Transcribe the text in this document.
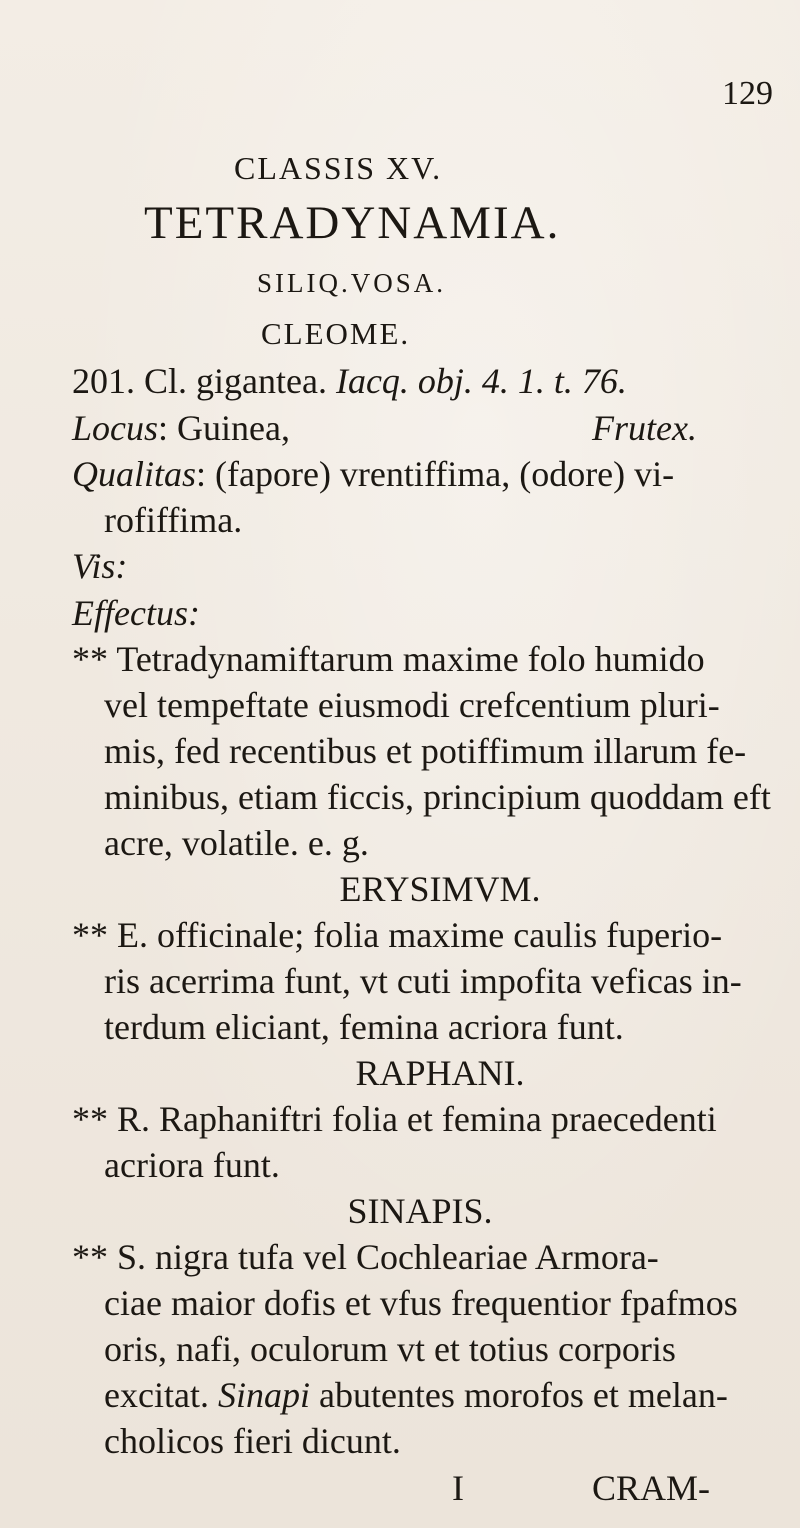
129
CLASSIS XV.
TETRADYNAMIA.
SILIQ.VOSA.
CLEOME.
201. Cl. gigantea. Iacq. obj. 4. 1. t. 76.
Locus: Guinea,	Frutex.
Qualitas: (fapore) vrentiffima, (odore) vi-
rofiffima.
Vis:
Effectus:
** Tetradynamiftarum maxime folo humido
vel tempeftate eiusmodi crefcentium pluri-
mis, fed recentibus et potiffimum illarum fe-
minibus, etiam ficcis, principium quoddam eft
acre, volatile. e. g.
ERYSIMVM.
** E. officinale; folia maxime caulis fuperio-
ris acerrima funt, vt cuti impofita veficas in-
terdum eliciant, femina acriora funt.
RAPHANI.
** R. Raphaniftri folia et femina praecedenti
acriora funt.
SINAPIS.
** S. nigra tufa vel Cochleariae Armora-
ciae maior dofis et vfus frequentior fpafmos
oris, nafi, oculorum vt et totius corporis
excitat. Sinapi abutentes morofos et melan-
cholicos fieri dicunt.
I	CRAM-
